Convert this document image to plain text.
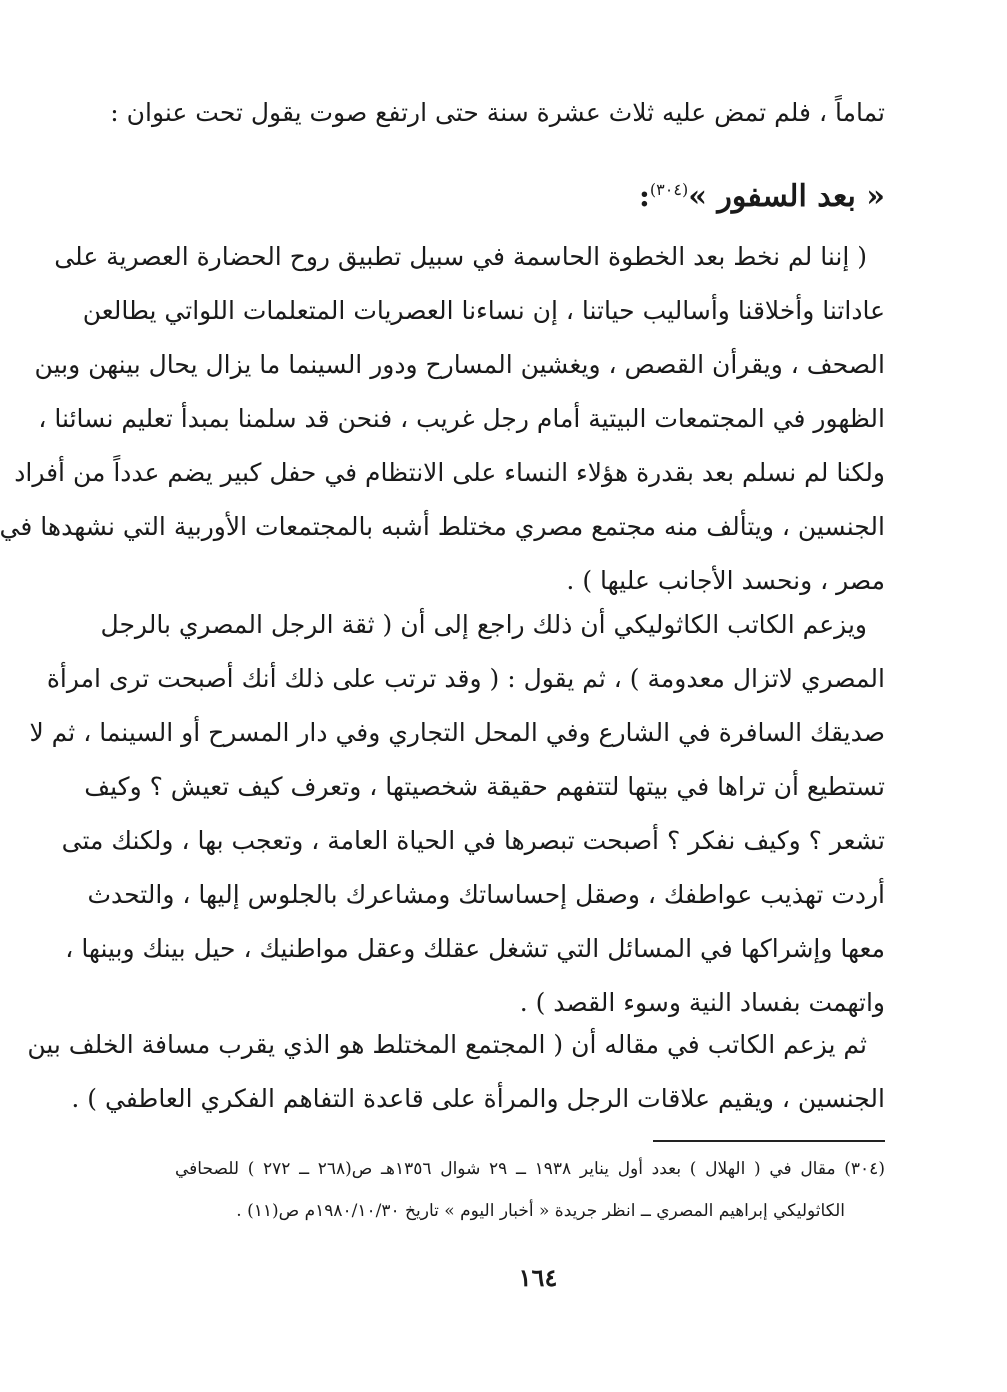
تماماً ، فلم تمض عليه ثلاث عشرة سنة حتى ارتفع صوت يقول تحت عنوان :
« بعد السفور »$^{(٣٠٤)}$:
( إننا لم نخط بعد الخطوة الحاسمة في سبيل تطبيق روح الحضارة العصرية على
عاداتنا وأخلاقنا وأساليب حياتنا ، إن نساءنا العصريات المتعلمات اللواتي يطالعن
الصحف ، ويقرأن القصص ، ويغشين المسارح ودور السينما ما يزال يحال بينهن وبين
الظهور في المجتمعات البيتية أمام رجل غريب ، فنحن قد سلمنا بمبدأ تعليم نسائنا ،
ولكنا لم نسلم بعد بقدرة هؤلاء النساء على الانتظام في حفل كبير يضم عدداً من أفراد
الجنسين ، ويتألف منه مجتمع مصري مختلط أشبه بالمجتمعات الأوربية التي نشهدها في
مصر ، ونحسد الأجانب عليها ) .
ويزعم الكاتب الكاثوليكي أن ذلك راجع إلى أن ( ثقة الرجل المصري بالرجل
المصري لاتزال معدومة ) ، ثم يقول : ( وقد ترتب على ذلك أنك أصبحت ترى امرأة
صديقك السافرة في الشارع وفي المحل التجاري وفي دار المسرح أو السينما ، ثم لا
تستطيع أن تراها في بيتها لتتفهم حقيقة شخصيتها ، وتعرف كيف تعيش ؟ وكيف
تشعر ؟ وكيف نفكر ؟ أصبحت تبصرها في الحياة العامة ، وتعجب بها ، ولكنك متى
أردت تهذيب عواطفك ، وصقل إحساساتك ومشاعرك بالجلوس إليها ، والتحدث
معها وإشراكها في المسائل التي تشغل عقلك وعقل مواطنيك ، حيل بينك وبينها ،
واتهمت بفساد النية وسوء القصد ) .
ثم يزعم الكاتب في مقاله أن ( المجتمع المختلط هو الذي يقرب مسافة الخلف بين
الجنسين ، ويقيم علاقات الرجل والمرأة على قاعدة التفاهم الفكري العاطفي ) .
(٣٠٤) مقال في ( الهلال ) بعدد أول يناير ١٩٣٨ ــ ٢٩ شوال ١٣٥٦هـ ص(٢٦٨ ــ ٢٧٢ ) للصحافي
الكاثوليكي إبراهيم المصري ــ انظر جريدة « أخبار اليوم » تاريخ ١٩٨٠/١٠/٣٠م ص(١١) .
١٦٤
